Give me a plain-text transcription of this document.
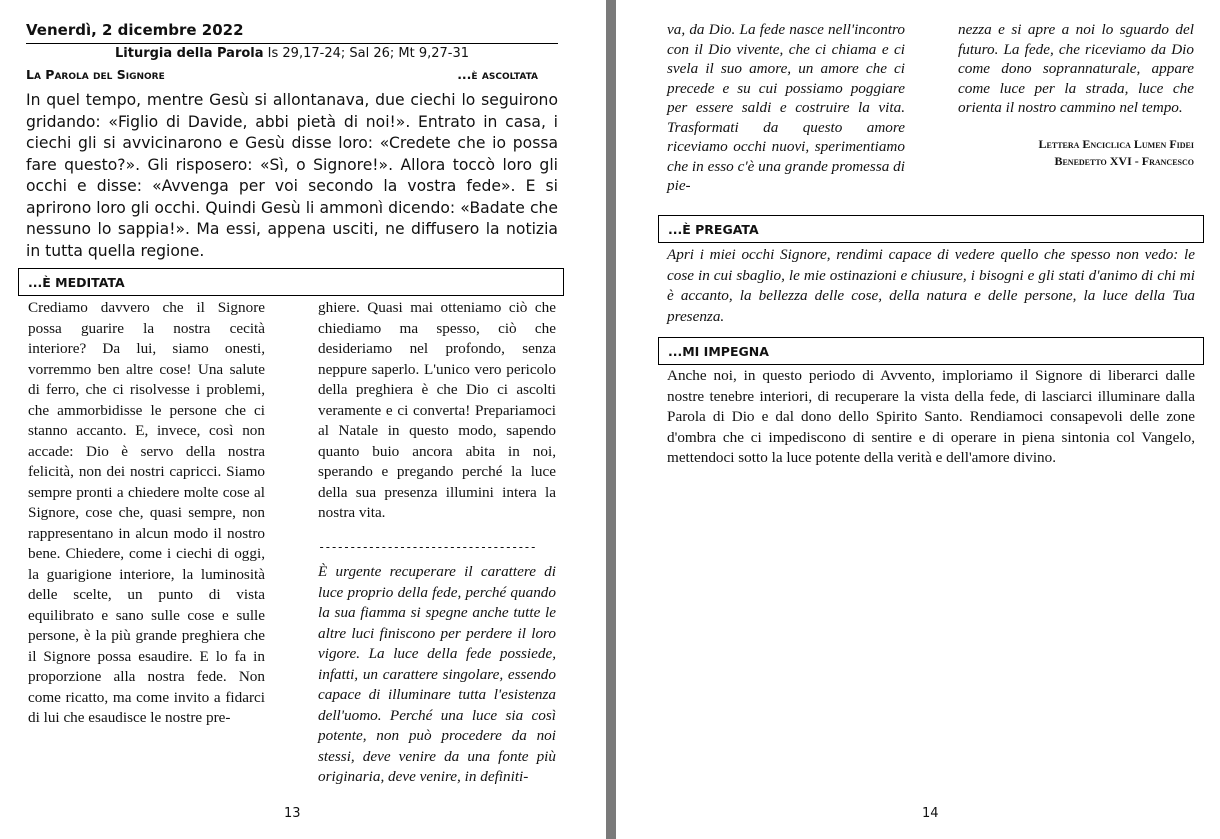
Venerdì, 2 dicembre 2022
Liturgia della Parola Is 29,17-24; Sal 26; Mt 9,27-31
La Parola del Signore	...è ascoltata
In quel tempo, mentre Gesù si allontanava, due ciechi lo seguirono gridando: «Figlio di Davide, abbi pietà di noi!». Entrato in casa, i ciechi gli si avvicinarono e Gesù disse loro: «Credete che io possa fare questo?». Gli risposero: «Sì, o Signore!». Allora toccò loro gli occhi e disse: «Avvenga per voi secondo la vostra fede». E si aprirono loro gli occhi. Quindi Gesù li ammonì dicendo: «Badate che nessuno lo sappia!». Ma essi, appena usciti, ne diffusero la notizia in tutta quella regione.
...È MEDITATA
Crediamo davvero che il Signore possa guarire la nostra cecità interiore? Da lui, siamo onesti, vorremmo ben altre cose! Una salute di ferro, che ci risolvesse i problemi, che ammorbidisse le persone che ci stanno accanto. E, invece, così non accade: Dio è servo della nostra felicità, non dei nostri capricci. Siamo sempre pronti a chiedere molte cose al Signore, cose che, quasi sempre, non rappresentano in alcun modo il nostro bene. Chiedere, come i ciechi di oggi, la guarigione interiore, la luminosità delle scelte, un punto di vista equilibrato e sano sulle cose e sulle persone, è la più grande preghiera che il Signore possa esaudire. E lo fa in proporzione alla nostra fede. Non come ricatto, ma come invito a fidarci di lui che esaudisce le nostre pre-
ghiere. Quasi mai otteniamo ciò che chiediamo ma spesso, ciò che desideriamo nel profondo, senza neppure saperlo. L'unico vero pericolo della preghiera è che Dio ci ascolti veramente e ci converta! Prepariamoci al Natale in questo modo, sapendo quanto buio ancora abita in noi, sperando e pregando perché la luce della sua presenza illumini intera la nostra vita.
-----------------------------------
È urgente recuperare il carattere di luce proprio della fede, perché quando la sua fiamma si spegne anche tutte le altre luci finiscono per perdere il loro vigore. La luce della fede possiede, infatti, un carattere singolare, essendo capace di illuminare tutta l'esistenza dell'uomo. Perché una luce sia così potente, non può procedere da noi stessi, deve venire da una fonte più originaria, deve venire, in definiti-
13
va, da Dio. La fede nasce nell'incontro con il Dio vivente, che ci chiama e ci svela il suo amore, un amore che ci precede e su cui possiamo poggiare per essere saldi e costruire la vita. Trasformati da questo amore riceviamo occhi nuovi, sperimentiamo che in esso c'è una grande promessa di pie-
nezza e si apre a noi lo sguardo del futuro. La fede, che riceviamo da Dio come dono soprannaturale, appare come luce per la strada, luce che orienta il nostro cammino nel tempo.
Lettera Enciclica Lumen Fidei
Benedetto XVI - Francesco
...È PREGATA
Apri i miei occhi Signore, rendimi capace di vedere quello che spesso non vedo: le cose in cui sbaglio, le mie ostinazioni e chiusure, i bisogni e gli stati d'animo di chi mi è accanto, la bellezza delle cose, della natura e delle persone, la luce della Tua presenza.
...MI IMPEGNA
Anche noi, in questo periodo di Avvento, imploriamo il Signore di liberarci dalle nostre tenebre interiori, di recuperare la vista della fede, di lasciarci illuminare dalla Parola di Dio e dal dono dello Spirito Santo. Rendiamoci consapevoli delle zone d'ombra che ci impediscono di sentire e di operare in piena sintonia col Vangelo, mettendoci sotto la luce potente della verità e dell'amore divino.
14
